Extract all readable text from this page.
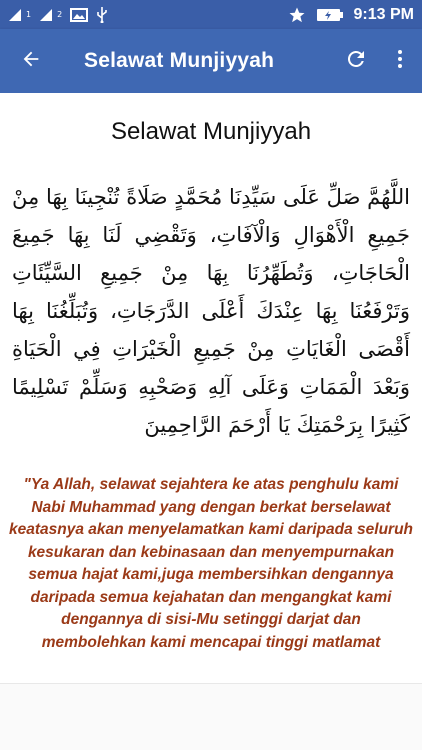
1	2	9:13 PM
Selawat Munjiyyah
Selawat Munjiyyah
اللَّهُمَّ صَلِّ عَلَى سَيِّدِنَا مُحَمَّدٍ صَلَاةً تُنْجِينَا بِهَا مِنْ جَمِيعِ الْأَهْوَالِ وَالْآفَاتِ، وَتَقْضِي لَنَا بِهَا جَمِيعَ الْحَاجَاتِ، وَتُطَهِّرُنَا بِهَا مِنْ جَمِيعِ السَّيِّئَاتِ وَتَرْفَعُنَا بِهَا عِنْدَكَ أَعْلَى الدَّرَجَاتِ، وَتُبَلِّغُنَا بِهَا أَقْصَى الْغَايَاتِ مِنْ جَمِيعِ الْخَيْرَاتِ فِي الْحَيَاةِ وَبَعْدَ الْمَمَاتِ وَعَلَى آلِهِ وَصَحْبِهِ وَسَلِّمْ تَسْلِيمًا كَثِيرًا بِرَحْمَتِكَ يَا أَرْحَمَ الرَّاحِمِينَ
"Ya Allah, selawat sejahtera ke atas penghulu kami Nabi Muhammad yang dengan berkat berselawat keatasnya akan menyelamatkan kami daripada seluruh kesukaran dan kebinasaan dan menyempurnakan semua hajat kami,juga membersihkan dengannya daripada semua kejahatan dan mengangkat kami dengannya di sisi-Mu setinggi darjat dan membolehkan kami mencapai tinggi matlamat
